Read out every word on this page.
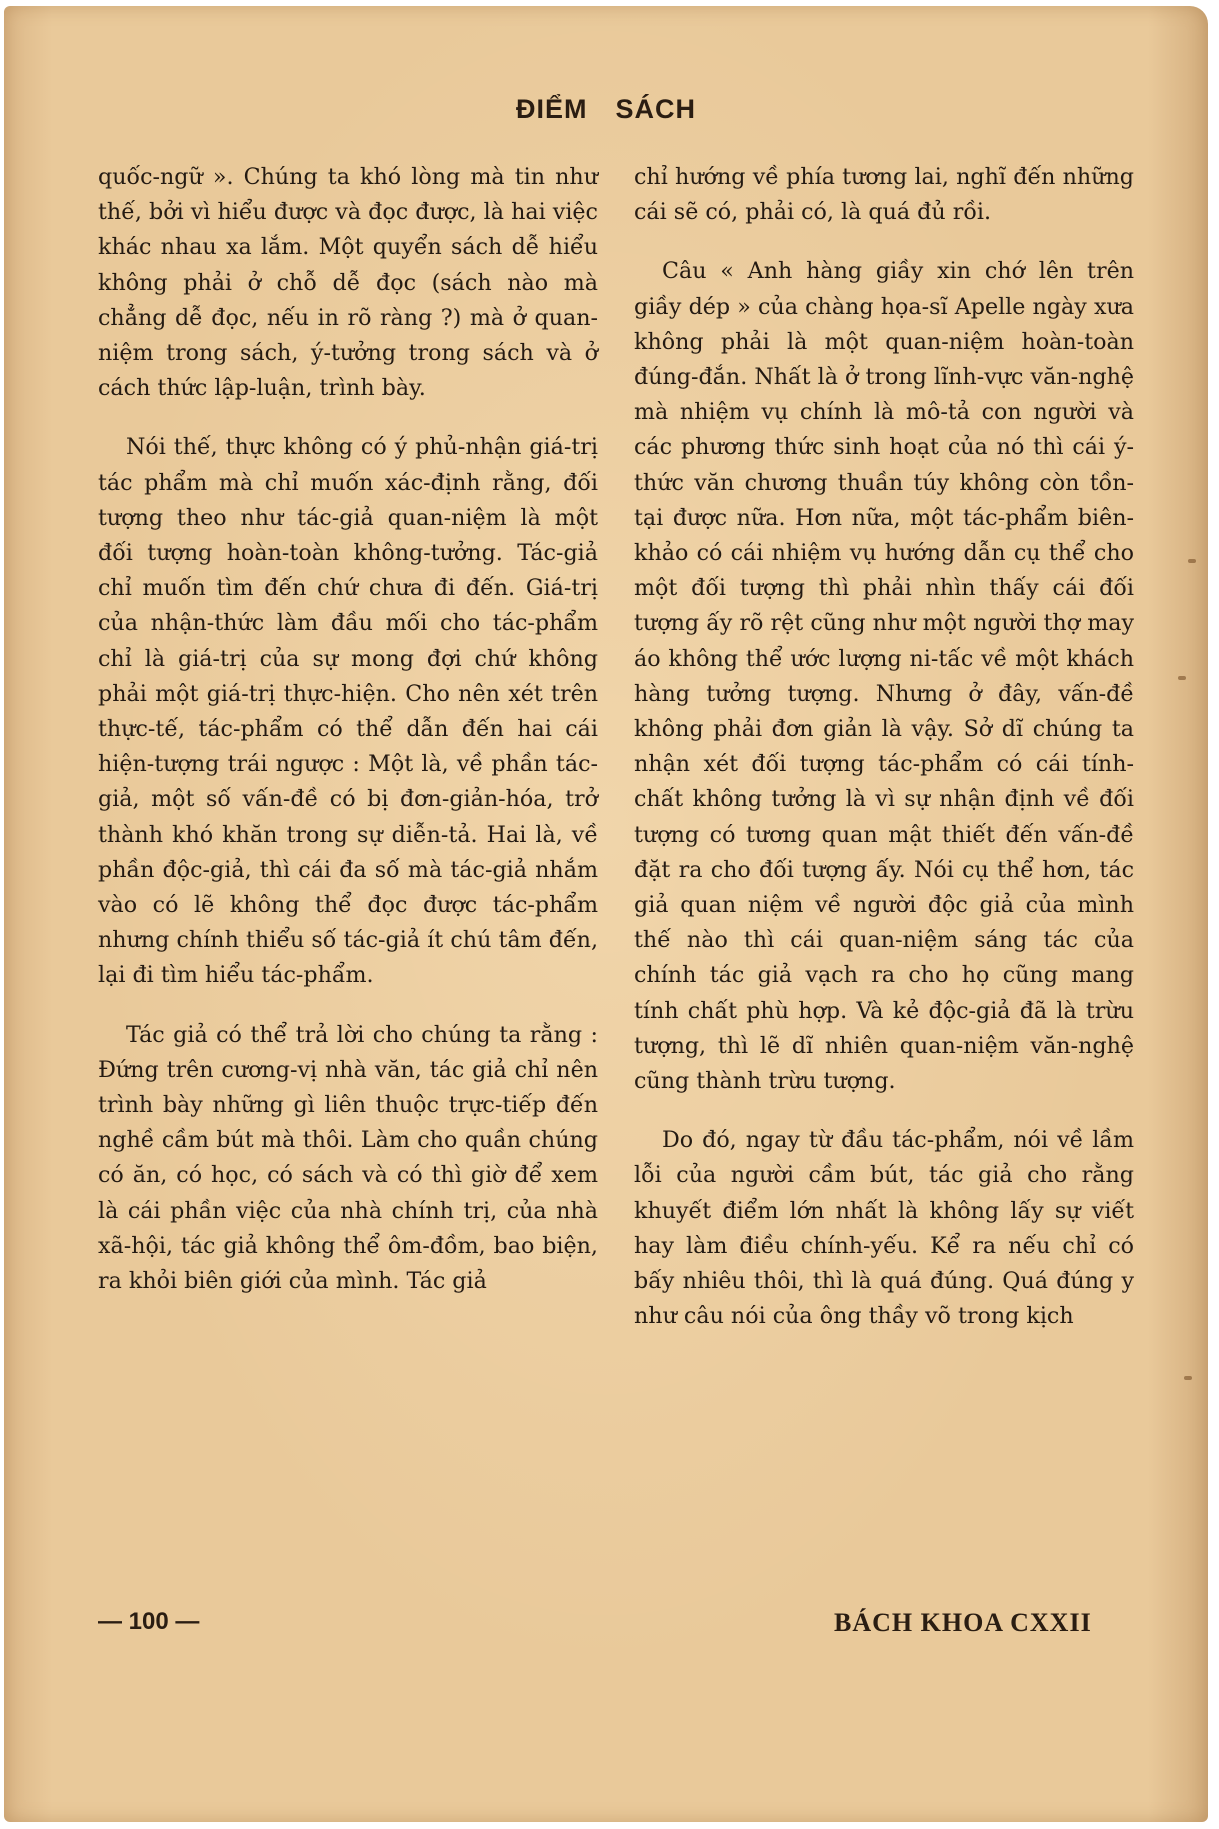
ĐIỂM SÁCH

quốc-ngữ ». Chúng ta khó lòng mà tin như thế, bởi vì hiểu được và đọc được, là hai việc khác nhau xa lắm. Một quyển sách dễ hiểu không phải ở chỗ dễ đọc (sách nào mà chẳng dễ đọc, nếu in rõ ràng ?) mà ở quan-niệm trong sách, ý-tưởng trong sách và ở cách thức lập-luận, trình bày.

Nói thế, thực không có ý phủ-nhận giá-trị tác phẩm mà chỉ muốn xác-định rằng, đối tượng theo như tác-giả quan-niệm là một đối tượng hoàn-toàn không-tưởng. Tác-giả chỉ muốn tìm đến chứ chưa đi đến. Giá-trị của nhận-thức làm đầu mối cho tác-phẩm chỉ là giá-trị của sự mong đợi chứ không phải một giá-trị thực-hiện. Cho nên xét trên thực-tế, tác-phẩm có thể dẫn đến hai cái hiện-tượng trái ngược : Một là, về phần tác-giả, một số vấn-đề có bị đơn-giản-hóa, trở thành khó khăn trong sự diễn-tả. Hai là, về phần độc-giả, thì cái đa số mà tác-giả nhắm vào có lẽ không thể đọc được tác-phẩm nhưng chính thiểu số tác-giả ít chú tâm đến, lại đi tìm hiểu tác-phẩm.

Tác giả có thể trả lời cho chúng ta rằng : Đứng trên cương-vị nhà văn, tác giả chỉ nên trình bày những gì liên thuộc trực-tiếp đến nghề cầm bút mà thôi. Làm cho quần chúng có ăn, có học, có sách và có thì giờ để xem là cái phần việc của nhà chính trị, của nhà xã-hội, tác giả không thể ôm-đồm, bao biện, ra khỏi biên giới của mình. Tác giả

chỉ hướng về phía tương lai, nghĩ đến những cái sẽ có, phải có, là quá đủ rồi.

Câu « Anh hàng giầy xin chớ lên trên giầy dép » của chàng họa-sĩ Apelle ngày xưa không phải là một quan-niệm hoàn-toàn đúng-đắn. Nhất là ở trong lĩnh-vực văn-nghệ mà nhiệm vụ chính là mô-tả con người và các phương thức sinh hoạt của nó thì cái ý-thức văn chương thuần túy không còn tồn-tại được nữa. Hơn nữa, một tác-phẩm biên-khảo có cái nhiệm vụ hướng dẫn cụ thể cho một đối tượng thì phải nhìn thấy cái đối tượng ấy rõ rệt cũng như một người thợ may áo không thể ước lượng ni-tấc về một khách hàng tưởng tượng. Nhưng ở đây, vấn-đề không phải đơn giản là vậy. Sở dĩ chúng ta nhận xét đối tượng tác-phẩm có cái tính-chất không tưởng là vì sự nhận định về đối tượng có tương quan mật thiết đến vấn-đề đặt ra cho đối tượng ấy. Nói cụ thể hơn, tác giả quan niệm về người độc giả của mình thế nào thì cái quan-niệm sáng tác của chính tác giả vạch ra cho họ cũng mang tính chất phù hợp. Và kẻ độc-giả đã là trừu tượng, thì lẽ dĩ nhiên quan-niệm văn-nghệ cũng thành trừu tượng.

Do đó, ngay từ đầu tác-phẩm, nói về lầm lỗi của người cầm bút, tác giả cho rằng khuyết điểm lớn nhất là không lấy sự viết hay làm điều chính-yếu. Kể ra nếu chỉ có bấy nhiêu thôi, thì là quá đúng. Quá đúng y như câu nói của ông thầy võ trong kịch

— 100 —	BÁCH KHOA CXXII
